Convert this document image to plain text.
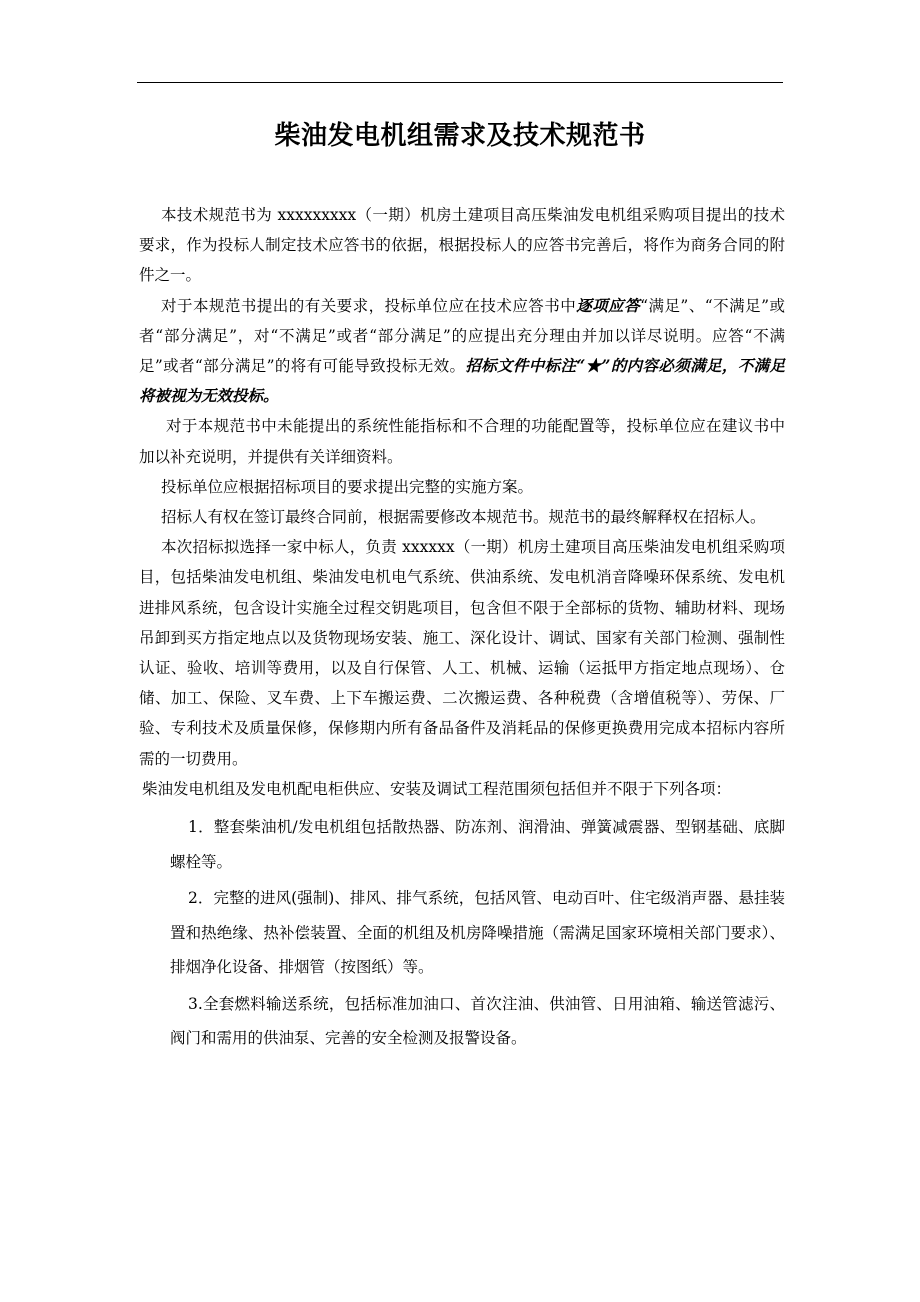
柴油发电机组需求及技术规范书

本技术规范书为 xxxxxxxxx（一期）机房土建项目高压柴油发电机组采购项目提出的技术要求，作为投标人制定技术应答书的依据，根据投标人的应答书完善后，将作为商务合同的附件之一。

对于本规范书提出的有关要求，投标单位应在技术应答书中逐项应答“满足”、“不满足”或者“部分满足”，对“不满足”或者“部分满足”的应提出充分理由并加以详尽说明。应答“不满足”或者“部分满足”的将有可能导致投标无效。招标文件中标注“★”的内容必须满足，不满足将被视为无效投标。

对于本规范书中未能提出的系统性能指标和不合理的功能配置等，投标单位应在建议书中加以补充说明，并提供有关详细资料。

投标单位应根据招标项目的要求提出完整的实施方案。

招标人有权在签订最终合同前，根据需要修改本规范书。规范书的最终解释权在招标人。

本次招标拟选择一家中标人，负责 xxxxxx（一期）机房土建项目高压柴油发电机组采购项目，包括柴油发电机组、柴油发电机电气系统、供油系统、发电机消音降噪环保系统、发电机进排风系统，包含设计实施全过程交钥匙项目，包含但不限于全部标的货物、辅助材料、现场吊卸到买方指定地点以及货物现场安装、施工、深化设计、调试、国家有关部门检测、强制性认证、验收、培训等费用，以及自行保管、人工、机械、运输（运抵甲方指定地点现场）、仓储、加工、保险、叉车费、上下车搬运费、二次搬运费、各种税费（含增值税等）、劳保、厂验、专利技术及质量保修，保修期内所有备品备件及消耗品的保修更换费用完成本招标内容所需的一切费用。

柴油发电机组及发电机配电柜供应、安装及调试工程范围须包括但并不限于下列各项：

1．整套柴油机/发电机组包括散热器、防冻剂、润滑油、弹簧减震器、型钢基础、底脚螺栓等。
2．完整的进风(强制)、排风、排气系统，包括风管、电动百叶、住宅级消声器、悬挂装置和热绝缘、热补偿装置、全面的机组及机房降噪措施（需满足国家环境相关部门要求）、排烟净化设备、排烟管（按图纸）等。
3.全套燃料输送系统，包括标准加油口、首次注油、供油管、日用油箱、输送管滤污、阀门和需用的供油泵、完善的安全检测及报警设备。
